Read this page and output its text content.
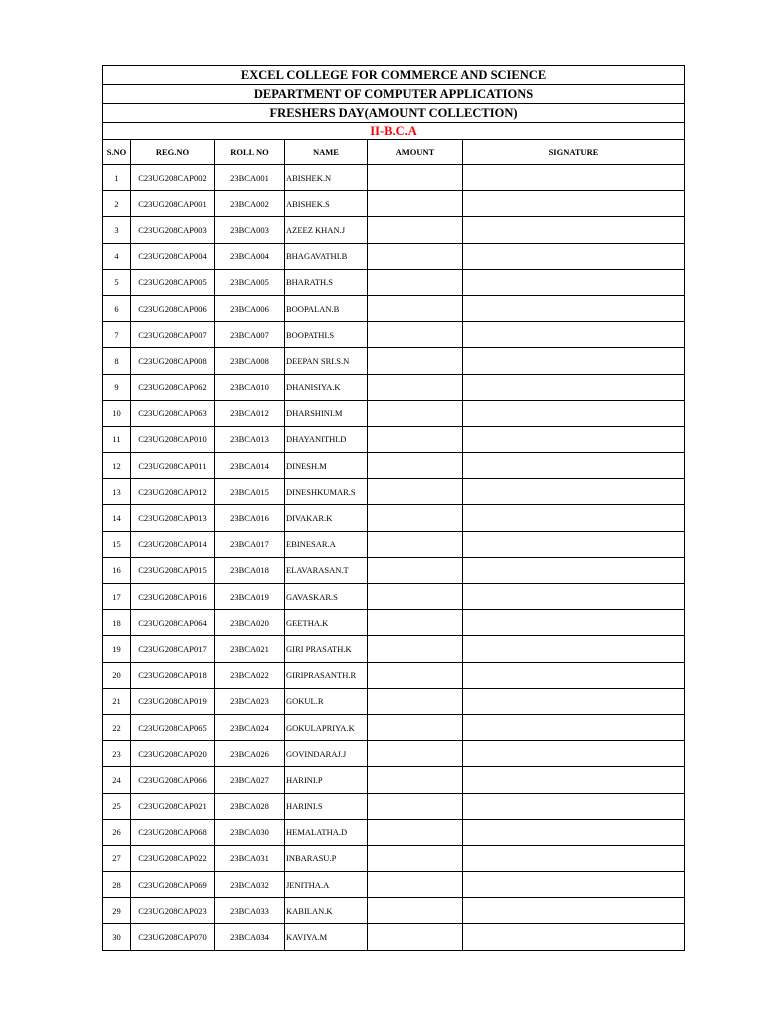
EXCEL COLLEGE FOR COMMERCE AND SCIENCE					
DEPARTMENT OF COMPUTER APPLICATIONS					
FRESHERS DAY(AMOUNT COLLECTION)					
II-B.C.A					
S.NO	REG.NO	ROLL NO	NAME	AMOUNT	SIGNATURE
1	C23UG208CAP002	23BCA001	ABISHEK.N		
2	C23UG208CAP001	23BCA002	ABISHEK.S		
3	C23UG208CAP003	23BCA003	AZEEZ KHAN.J		
4	C23UG208CAP004	23BCA004	BHAGAVATHI.B		
5	C23UG208CAP005	23BCA005	BHARATH.S		
6	C23UG208CAP006	23BCA006	BOOPALAN.B		
7	C23UG208CAP007	23BCA007	BOOPATHI.S		
8	C23UG208CAP008	23BCA008	DEEPAN SRI.S.N		
9	C23UG208CAP062	23BCA010	DHANISIYA.K		
10	C23UG208CAP063	23BCA012	DHARSHINI.M		
11	C23UG208CAP010	23BCA013	DHAYANITHI.D		
12	C23UG208CAP011	23BCA014	DINESH.M		
13	C23UG208CAP012	23BCA015	DINESHKUMAR.S		
14	C23UG208CAP013	23BCA016	DIVAKAR.K		
15	C23UG208CAP014	23BCA017	EBINESAR.A		
16	C23UG208CAP015	23BCA018	ELAVARASAN.T		
17	C23UG208CAP016	23BCA019	GAVASKAR.S		
18	C23UG208CAP064	23BCA020	GEETHA.K		
19	C23UG208CAP017	23BCA021	GIRI PRASATH.K		
20	C23UG208CAP018	23BCA022	GIRIPRASANTH.R		
21	C23UG208CAP019	23BCA023	GOKUL.R		
22	C23UG208CAP065	23BCA024	GOKULAPRIYA.K		
23	C23UG208CAP020	23BCA026	GOVINDARAJ.J		
24	C23UG208CAP066	23BCA027	HARINI.P		
25	C23UG208CAP021	23BCA028	HARINI.S		
26	C23UG208CAP068	23BCA030	HEMALATHA.D		
27	C23UG208CAP022	23BCA031	INBARASU.P		
28	C23UG208CAP069	23BCA032	JENITHA.A		
29	C23UG208CAP023	23BCA033	KABILAN.K		
30	C23UG208CAP070	23BCA034	KAVIYA.M		
